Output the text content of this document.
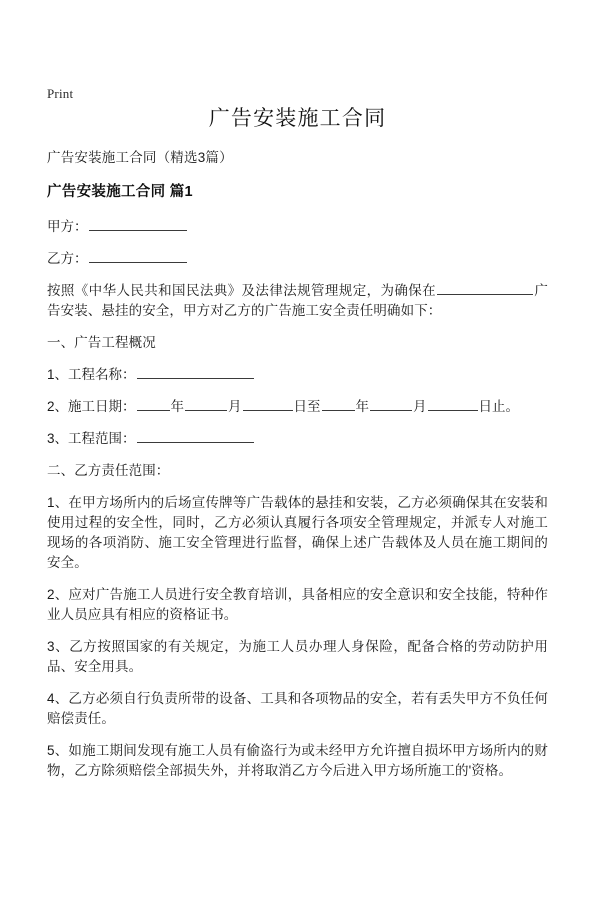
Print
广告安装施工合同

广告安装施工合同（精选3篇）

广告安装施工合同 篇1
甲方：
乙方：

按照《中华人民共和国民法典》及法律法规管理规定，为确保在	广告安装、悬挂的安全，甲方对乙方的广告施工安全责任明确如下：

一、广告工程概况

1、工程名称：
2、施工日期：	年	月	日至	年	月	日止。
3、工程范围：

二、乙方责任范围：

1、在甲方场所内的后场宣传牌等广告载体的悬挂和安装，乙方必须确保其在安装和使用过程的安全性，同时，乙方必须认真履行各项安全管理规定，并派专人对施工现场的各项消防、施工安全管理进行监督，确保上述广告载体及人员在施工期间的安全。

2、应对广告施工人员进行安全教育培训，具备相应的安全意识和安全技能，特种作业人员应具有相应的资格证书。

3、乙方按照国家的有关规定，为施工人员办理人身保险，配备合格的劳动防护用品、安全用具。

4、乙方必须自行负责所带的设备、工具和各项物品的安全，若有丢失甲方不负任何赔偿责任。

5、如施工期间发现有施工人员有偷盗行为或未经甲方允许擅自损坏甲方场所内的财物，乙方除须赔偿全部损失外，并将取消乙方今后进入甲方场所施工的'资格。
